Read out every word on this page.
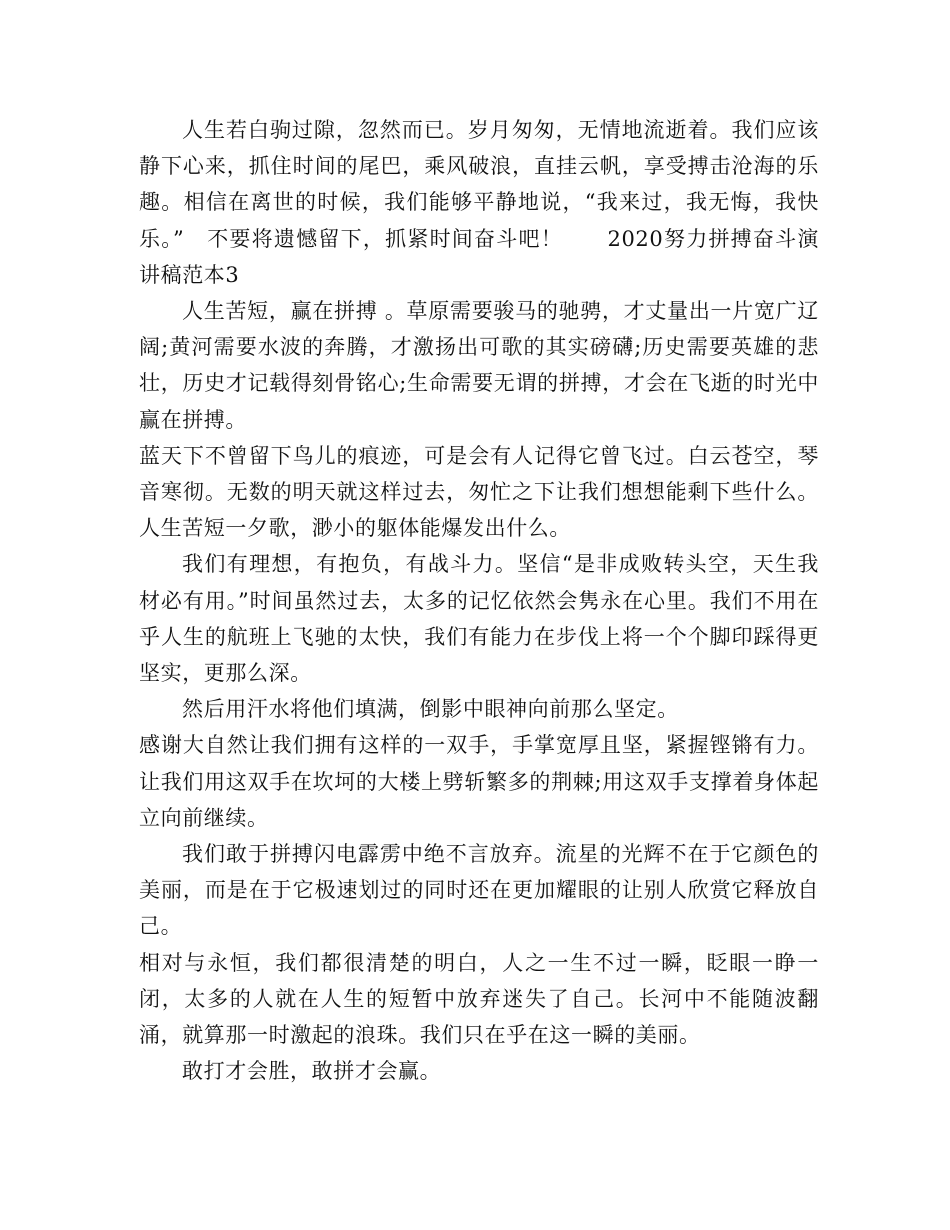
人生若白驹过隙，忽然而已。岁月匆匆，无情地流逝着。我们应该静下心来，抓住时间的尾巴，乘风破浪，直挂云帆，享受搏击沧海的乐趣。相信在离世的时候，我们能够平静地说，“我来过，我无悔，我快乐。”　不要将遗憾留下，抓紧时间奋斗吧！　　2020努力拼搏奋斗演讲稿范本3

人生苦短，赢在拼搏 。草原需要骏马的驰骋，才丈量出一片宽广辽阔;黄河需要水波的奔腾，才激扬出可歌的其实磅礴;历史需要英雄的悲壮，历史才记载得刻骨铭心;生命需要无谓的拼搏，才会在飞逝的时光中赢在拼搏。

蓝天下不曾留下鸟儿的痕迹，可是会有人记得它曾飞过。白云苍空，琴音寒彻。无数的明天就这样过去，匆忙之下让我们想想能剩下些什么。人生苦短一夕歌，渺小的躯体能爆发出什么。

我们有理想，有抱负，有战斗力。坚信“是非成败转头空，天生我材必有用。”时间虽然过去，太多的记忆依然会隽永在心里。我们不用在乎人生的航班上飞驰的太快，我们有能力在步伐上将一个个脚印踩得更坚实，更那么深。

然后用汗水将他们填满，倒影中眼神向前那么坚定。

感谢大自然让我们拥有这样的一双手，手掌宽厚且坚，紧握铿锵有力。让我们用这双手在坎坷的大楼上劈斩繁多的荆棘;用这双手支撑着身体起立向前继续。

我们敢于拼搏闪电霹雳中绝不言放弃。流星的光辉不在于它颜色的美丽，而是在于它极速划过的同时还在更加耀眼的让别人欣赏它释放自己。

相对与永恒，我们都很清楚的明白，人之一生不过一瞬，眨眼一睁一闭，太多的人就在人生的短暂中放弃迷失了自己。长河中不能随波翻涌，就算那一时激起的浪珠。我们只在乎在这一瞬的美丽。

敢打才会胜，敢拼才会赢。
